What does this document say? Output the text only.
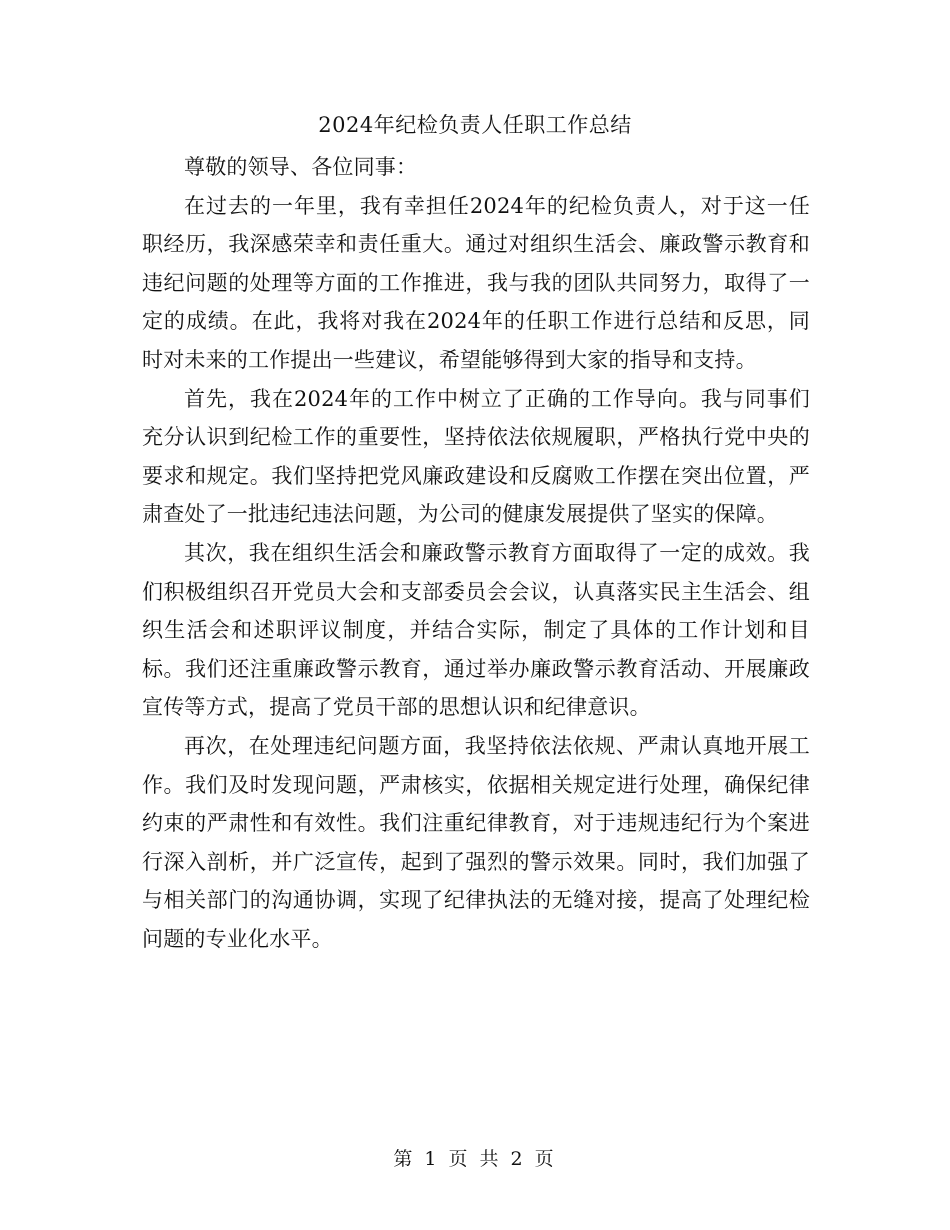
2024年纪检负责人任职工作总结

尊敬的领导、各位同事：

在过去的一年里，我有幸担任2024年的纪检负责人，对于这一任职经历，我深感荣幸和责任重大。通过对组织生活会、廉政警示教育和违纪问题的处理等方面的工作推进，我与我的团队共同努力，取得了一定的成绩。在此，我将对我在2024年的任职工作进行总结和反思，同时对未来的工作提出一些建议，希望能够得到大家的指导和支持。

首先，我在2024年的工作中树立了正确的工作导向。我与同事们充分认识到纪检工作的重要性，坚持依法依规履职，严格执行党中央的要求和规定。我们坚持把党风廉政建设和反腐败工作摆在突出位置，严肃查处了一批违纪违法问题，为公司的健康发展提供了坚实的保障。

其次，我在组织生活会和廉政警示教育方面取得了一定的成效。我们积极组织召开党员大会和支部委员会会议，认真落实民主生活会、组织生活会和述职评议制度，并结合实际，制定了具体的工作计划和目标。我们还注重廉政警示教育，通过举办廉政警示教育活动、开展廉政宣传等方式，提高了党员干部的思想认识和纪律意识。

再次，在处理违纪问题方面，我坚持依法依规、严肃认真地开展工作。我们及时发现问题，严肃核实，依据相关规定进行处理，确保纪律约束的严肃性和有效性。我们注重纪律教育，对于违规违纪行为个案进行深入剖析，并广泛宣传，起到了强烈的警示效果。同时，我们加强了与相关部门的沟通协调，实现了纪律执法的无缝对接，提高了处理纪检问题的专业化水平。

第 1 页 共 2 页
